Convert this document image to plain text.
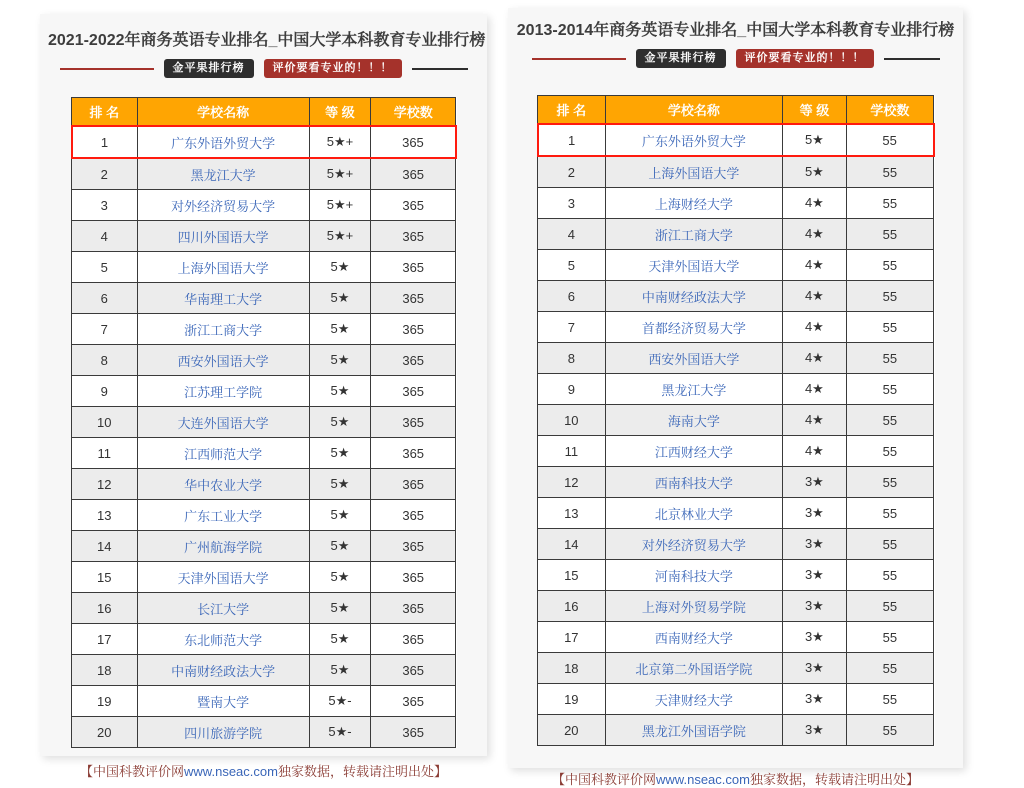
2021-2022年商务英语专业排名_中国大学本科教育专业排行榜
金平果排行榜	评价要看专业的！！！
排 名	学校名称	等 级	学校数
1	广东外语外贸大学	5★+	365
2	黑龙江大学	5★+	365
3	对外经济贸易大学	5★+	365
4	四川外国语大学	5★+	365
5	上海外国语大学	5★	365
6	华南理工大学	5★	365
7	浙江工商大学	5★	365
8	西安外国语大学	5★	365
9	江苏理工学院	5★	365
10	大连外国语大学	5★	365
11	江西师范大学	5★	365
12	华中农业大学	5★	365
13	广东工业大学	5★	365
14	广州航海学院	5★	365
15	天津外国语大学	5★	365
16	长江大学	5★	365
17	东北师范大学	5★	365
18	中南财经政法大学	5★	365
19	暨南大学	5★-	365
20	四川旅游学院	5★-	365

【中国科教评价网www.nseac.com独家数据，转载请注明出处】

2013-2014年商务英语专业排名_中国大学本科教育专业排行榜
金平果排行榜	评价要看专业的！！！
排 名	学校名称	等 级	学校数
1	广东外语外贸大学	5★	55
2	上海外国语大学	5★	55
3	上海财经大学	4★	55
4	浙江工商大学	4★	55
5	天津外国语大学	4★	55
6	中南财经政法大学	4★	55
7	首都经济贸易大学	4★	55
8	西安外国语大学	4★	55
9	黑龙江大学	4★	55
10	海南大学	4★	55
11	江西财经大学	4★	55
12	西南科技大学	3★	55
13	北京林业大学	3★	55
14	对外经济贸易大学	3★	55
15	河南科技大学	3★	55
16	上海对外贸易学院	3★	55
17	西南财经大学	3★	55
18	北京第二外国语学院	3★	55
19	天津财经大学	3★	55
20	黑龙江外国语学院	3★	55

【中国科教评价网www.nseac.com独家数据，转载请注明出处】
